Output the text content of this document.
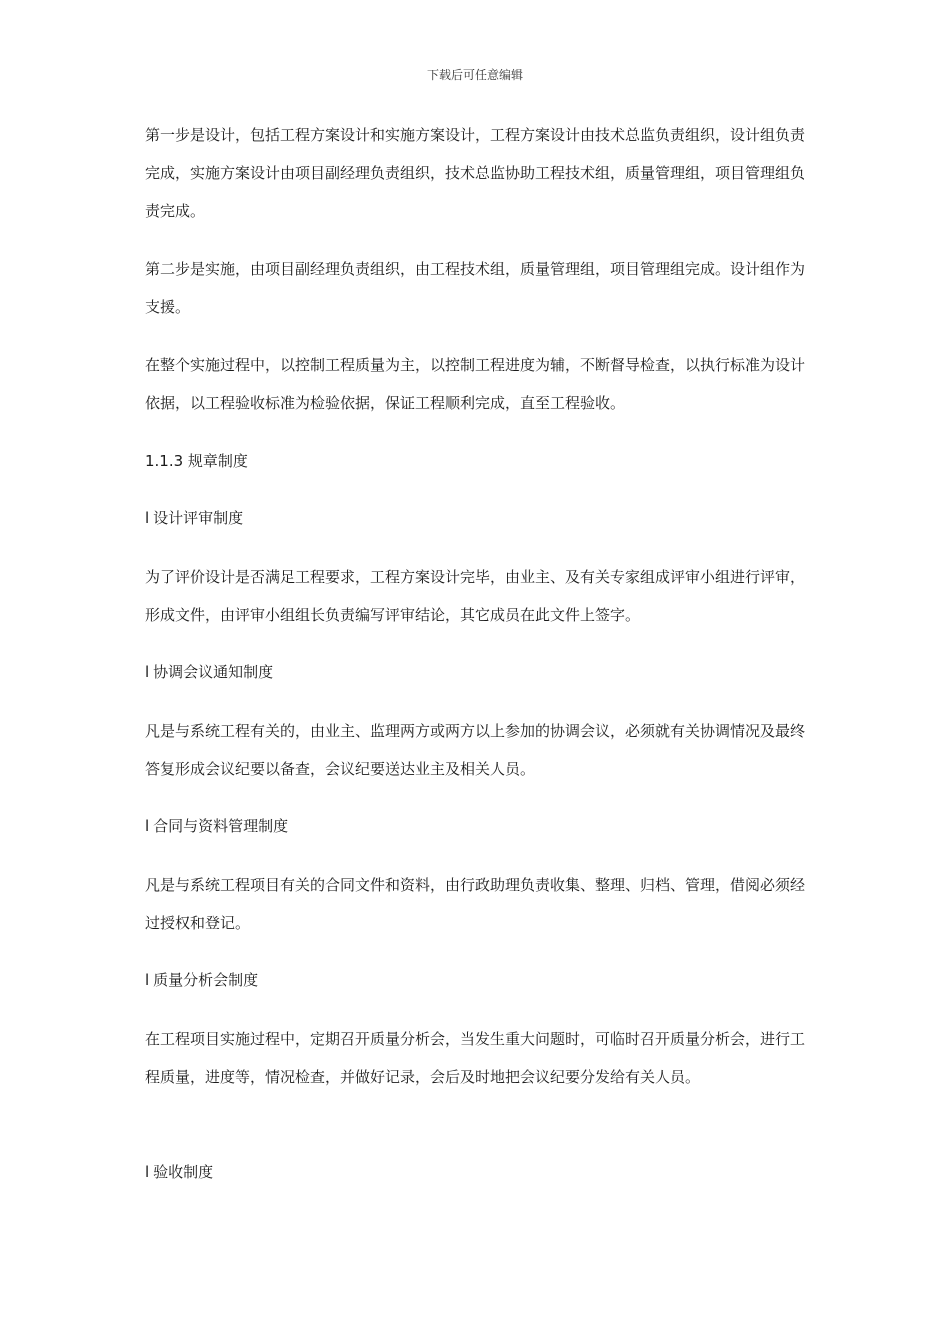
下载后可任意编辑

第一步是设计，包括工程方案设计和实施方案设计，工程方案设计由技术总监负责组织，设计组负责完成，实施方案设计由项目副经理负责组织，技术总监协助工程技术组，质量管理组，项目管理组负责完成。

第二步是实施，由项目副经理负责组织，由工程技术组，质量管理组，项目管理组完成。设计组作为支援。

在整个实施过程中，以控制工程质量为主，以控制工程进度为辅，不断督导检查，以执行标准为设计依据，以工程验收标准为检验依据，保证工程顺利完成，直至工程验收。

1.1.3 规章制度

l 设计评审制度

为了评价设计是否满足工程要求，工程方案设计完毕，由业主、及有关专家组成评审小组进行评审，形成文件，由评审小组组长负责编写评审结论，其它成员在此文件上签字。

l 协调会议通知制度

凡是与系统工程有关的，由业主、监理两方或两方以上参加的协调会议，必须就有关协调情况及最终答复形成会议纪要以备查，会议纪要送达业主及相关人员。

l 合同与资料管理制度

凡是与系统工程项目有关的合同文件和资料，由行政助理负责收集、整理、归档、管理，借阅必须经过授权和登记。

l 质量分析会制度

在工程项目实施过程中，定期召开质量分析会，当发生重大问题时，可临时召开质量分析会，进行工程质量，进度等，情况检查，并做好记录，会后及时地把会议纪要分发给有关人员。

l 验收制度
